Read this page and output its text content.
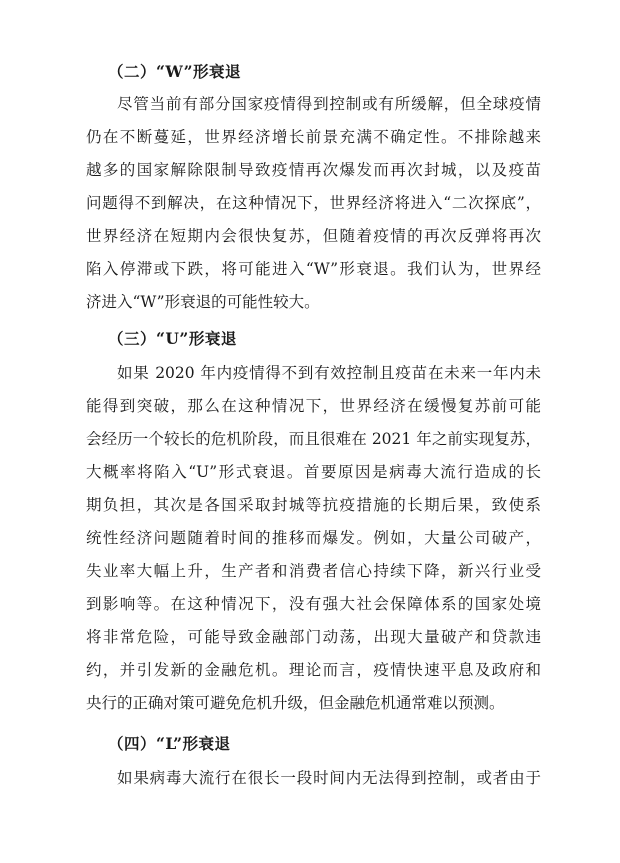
（二）“W”形衰退
尽管当前有部分国家疫情得到控制或有所缓解，但全球疫情
仍在不断蔓延，世界经济增长前景充满不确定性。不排除越来
越多的国家解除限制导致疫情再次爆发而再次封城，以及疫苗
问题得不到解决，在这种情况下，世界经济将进入“二次探底”，
世界经济在短期内会很快复苏，但随着疫情的再次反弹将再次
陷入停滞或下跌，将可能进入“W”形衰退。我们认为，世界经
济进入“W”形衰退的可能性较大。
（三）“U”形衰退
如果 2020 年内疫情得不到有效控制且疫苗在未来一年内未
能得到突破，那么在这种情况下，世界经济在缓慢复苏前可能
会经历一个较长的危机阶段，而且很难在 2021 年之前实现复苏，
大概率将陷入“U”形式衰退。首要原因是病毒大流行造成的长
期负担，其次是各国采取封城等抗疫措施的长期后果，致使系
统性经济问题随着时间的推移而爆发。例如，大量公司破产，
失业率大幅上升，生产者和消费者信心持续下降，新兴行业受
到影响等。在这种情况下，没有强大社会保障体系的国家处境
将非常危险，可能导致金融部门动荡，出现大量破产和贷款违
约，并引发新的金融危机。理论而言，疫情快速平息及政府和
央行的正确对策可避免危机升级，但金融危机通常难以预测。
（四）“L”形衰退
如果病毒大流行在很长一段时间内无法得到控制，或者由于
